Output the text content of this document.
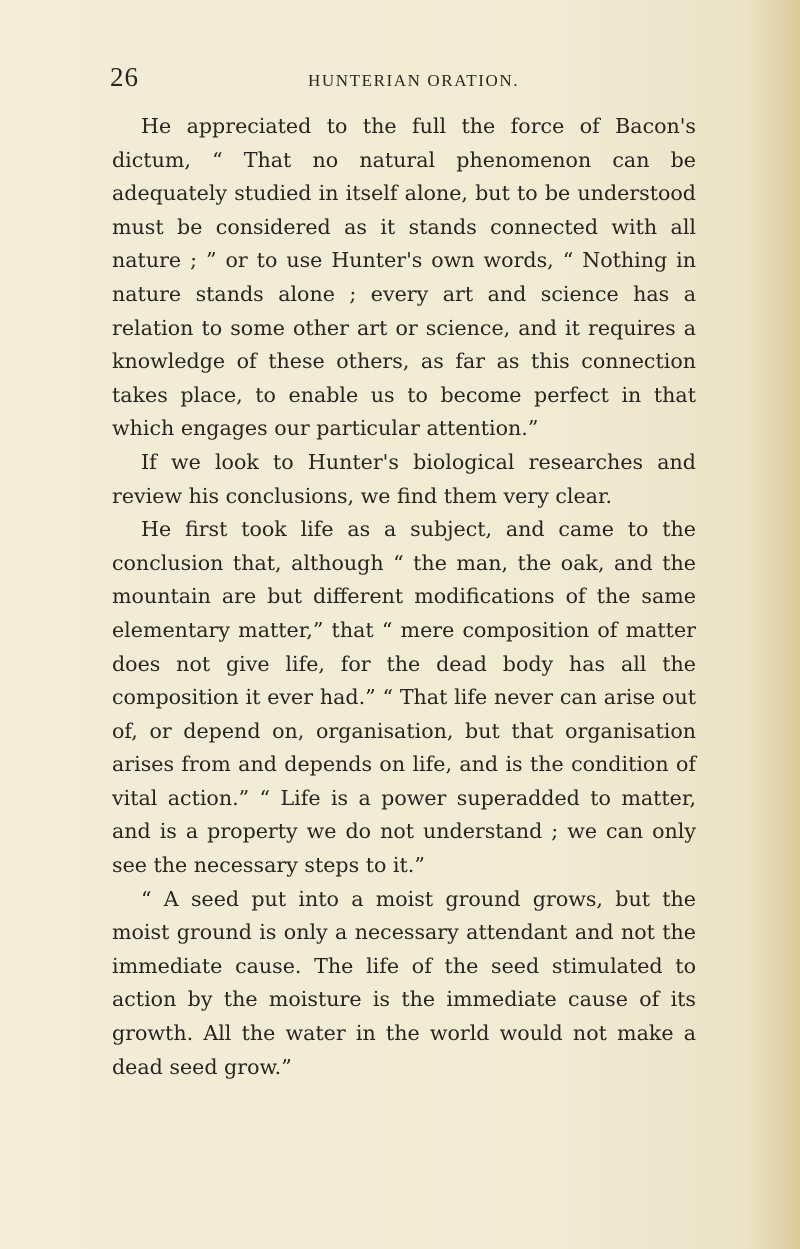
26	HUNTERIAN ORATION.

He appreciated to the full the force of Bacon's dictum, “ That no natural phenomenon can be adequately studied in itself alone, but to be understood must be considered as it stands connected with all nature ; ” or to use Hunter's own words, “ Nothing in nature stands alone ; every art and science has a relation to some other art or science, and it requires a knowledge of these others, as far as this connection takes place, to enable us to become perfect in that which engages our particular attention.”

If we look to Hunter's biological researches and review his conclusions, we find them very clear.

He first took life as a subject, and came to the conclusion that, although “ the man, the oak, and the mountain are but different modifications of the same elementary matter,” that “ mere composition of matter does not give life, for the dead body has all the composition it ever had.” “ That life never can arise out of, or depend on, organisation, but that organisation arises from and depends on life, and is the condition of vital action.” “ Life is a power superadded to matter, and is a property we do not understand ; we can only see the necessary steps to it.”

“ A seed put into a moist ground grows, but the moist ground is only a necessary attendant and not the immediate cause. The life of the seed stimulated to action by the moisture is the immediate cause of its growth. All the water in the world would not make a dead seed grow.”
